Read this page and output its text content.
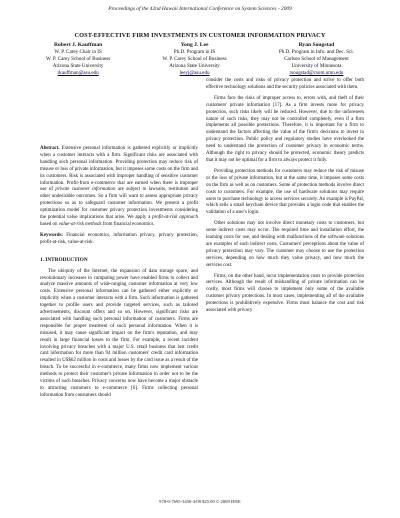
Proceedings of the 42nd Hawaii International Conference on System Sciences - 2009
COST-EFFECTIVE FIRM INVESTMENTS IN CUSTOMER INFORMATION PRIVACY
Robert J. Kauffman
W. P. Carey Chair in IS
W. P. Carey School of Business
Arizona State University
rkauffman@asu.edu
Yong J. Lee
Ph.D. Program in IS
W. P. Carey School of Business
Arizona State University
leeyj@asu.edu
Ryan Sougstad
Ph.D. Program in Info. and Dec. Sci.
Carlson School of Management
University of Minnesota
rsougstad@csom.umn.edu

Abstract. Extensive personal information is gathered explicitly or implicitly when a customer interacts with a firm. Significant risks are associated with handling such personal information. Providing protection may reduce risk of misuse or loss of private information, but it imposes some costs on the firm and its customers. Risk is associated with improper handling of sensitive customer information. Profit-from e-commerce that are earned when there is improper use of private customer information are subject to lawsuits, restitution and other undesirable outcomes. So a firm will want to assess appropriate privacy protections so as to safeguard customer information. We present a profit optimization model for customer privacy protection investments considering the potential value implications that arise. We apply a profit-at-risk approach based on value-at-risk methods from financial economics.

Keywords: Financial economics, information privacy, privacy protection, profit-at-risk, value-at-risk.

1. INTRODUCTION

The ubiquity of the Internet, the expansion of data storage space, and revolutionary increases in computing power have enabled firms to collect and analyze massive amounts of wide-ranging customer information at very low costs. Extensive personal information can be gathered either explicitly or implicitly when a customer interacts with a firm. Such information is gathered together to profile users and provide targeted services, such as tailored advertisements, discount offers and so on. However, significant risks are associated with handling such personal information of customers. Firms are responsible for proper treatment of such personal information. When it is misused, it may cause significant impact on the firm's reputation, and may result in large financial losses to the firm. For example, a recent incident involving privacy breaches with a major U.S. retail business that lost credit card information for more than 94 million customers' credit card information resulted in US$62 million in costs and losses by the card issue as a result of the breach. To be successful in e-commerce, many firms now implement various methods to protect their customer's private information in order not to be the victims of such breaches. Privacy concerns now have become a major obstacle to attracting customers to e-commerce [6]. Firms collecting personal information from consumers should

consider the costs and risks of privacy protection and strive to offer both effective technology solutions and the security policies associated with them.

Firms face the risks of improper access to, errors with, and theft of their customers' private information [17]. As a firm invests more for privacy protection, such risks likely will be reduced. However, due to the unforeseen nature of such risks, they may not be controlled completely, even if a firm implements all possible protections. Therefore, it is important for a firm to understand the factors affecting the value of the firm's decisions to invest in privacy protection. Public policy and regulatory studies have overlooked the need to understand the protection of customer privacy in economic terms. Although the right to privacy should be protected, economic theory predicts that it may not be optimal for a firm to always protect it fully.

Providing protection methods for customers may reduce the risk of misuse or the loss of private information, but at the same time, it imposes some costs on the firm as well as on customers. Some of protection methods involve direct costs to customers. For example, the use of hardware solutions may require users to purchase technology to access services securely. An example is PayPal, which sells a small keychain device that provides a login code that enables the validation of a user's login.

Other solutions may not involve direct monetary costs to customers, but some indirect costs may occur. The required time and installation effort, the learning costs for use, and dealing with malfunctions of the software solutions are examples of such indirect costs. Customers' perceptions about the value of privacy protection may vary. The customer may choose to use the protection services, depending on how much they value privacy, and how much the services cost.

Firms, on the other hand, incur implementation costs to provide protection services. Although the result of mishandling of private information can be costly, most firms will choose to implement only some of the available customer privacy protections. In most cases, implementing all of the available protections is prohibitively expensive. Firms must balance the cost and risk associated with privacy

978-0-7695-3450-3/09 $25.00 © 2009 IEEE
